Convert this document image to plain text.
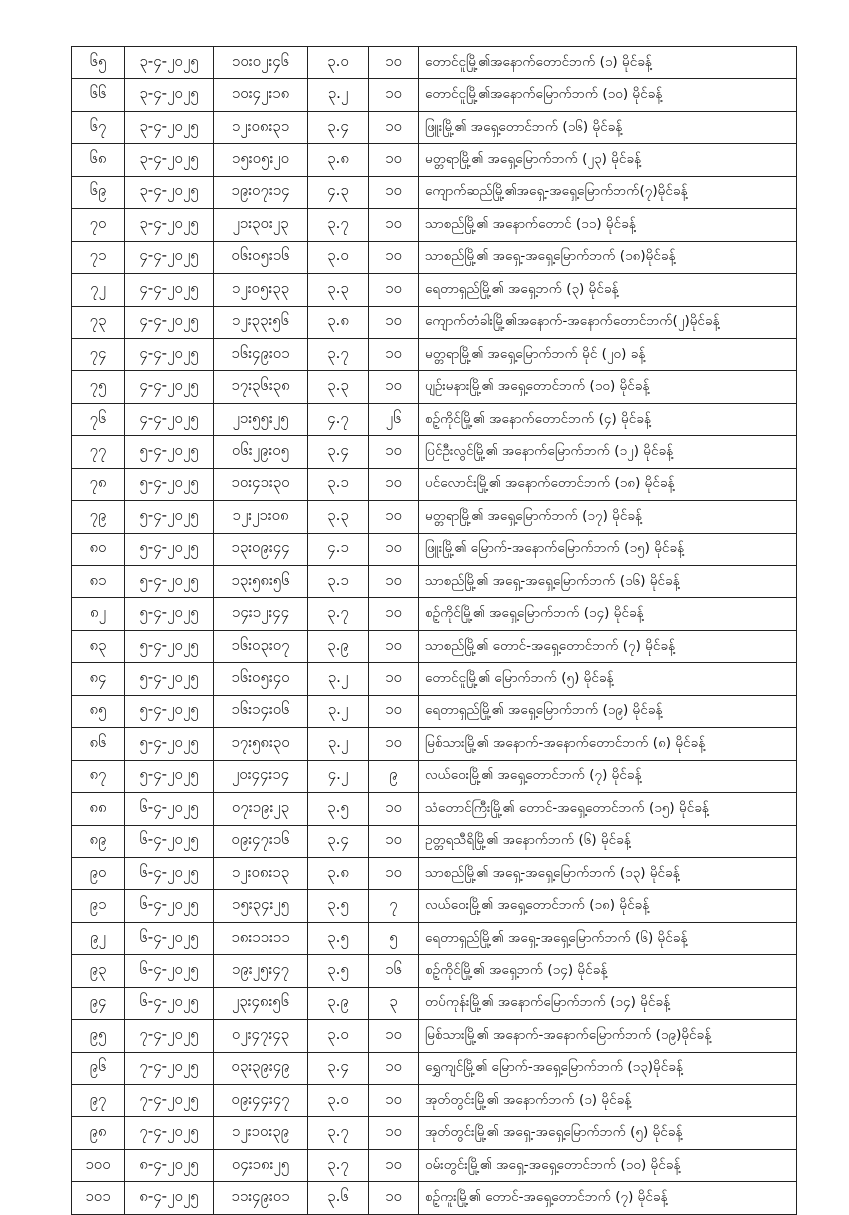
၆၅	၃-၄-၂၀၂၅	၁၀း၀၂း၄၆	၃.၀	၁၀	တောင်ငူမြို့၏အနောက်တောင်ဘက် (၁) မိုင်ခန့်
၆၆	၃-၄-၂၀၂၅	၁၀း၄၂း၁၈	၃.၂	၁၀	တောင်ငူမြို့၏အနောက်မြောက်ဘက် (၁၀) မိုင်ခန့်
၆၇	၃-၄-၂၀၂၅	၁၂း၀၈း၃၁	၃.၄	၁၀	ဖြူးမြို့၏ အရှေ့တောင်ဘက် (၁၆) မိုင်ခန့်
၆၈	၃-၄-၂၀၂၅	၁၅း၀၅း၂၀	၃.၈	၁၀	မတ္တရာမြို့၏ အရှေ့မြောက်ဘက် (၂၃) မိုင်ခန့်
၆၉	၃-၄-၂၀၂၅	၁၉း၀၇း၁၄	၄.၃	၁၀	ကျောက်ဆည်မြို့၏အရှေ့-အရှေ့မြောက်ဘက်(၇)မိုင်ခန့်
၇၀	၃-၄-၂၀၂၅	၂၁း၃၀း၂၃	၃.၇	၁၀	သာစည်မြို့၏ အနောက်တောင် (၁၁) မိုင်ခန့်
၇၁	၄-၄-၂၀၂၅	၀၆း၀၅း၁၆	၃.၀	၁၀	သာစည်မြို့၏ အရှေ့-အရှေ့မြောက်ဘက် (၁၈)မိုင်ခန့်
၇၂	၄-၄-၂၀၂၅	၁၂း၀၅း၃၃	၃.၃	၁၀	ရေတာရှည်မြို့၏ အရှေ့ဘက် (၃) မိုင်ခန့်
၇၃	၄-၄-၂၀၂၅	၁၂း၃၃း၅၆	၃.၈	၁၀	ကျောက်တံခါးမြို့၏အနောက်-အနောက်တောင်ဘက်(၂)မိုင်ခန့်
၇၄	၄-၄-၂၀၂၅	၁၆း၄၉း၀၁	၃.၇	၁၀	မတ္တရာမြို့၏ အရှေ့မြောက်ဘက် မိုင် (၂၀) ခန့်
၇၅	၄-၄-၂၀၂၅	၁၇း၃၆း၃၈	၃.၃	၁၀	ပျဉ်းမနားမြို့၏ အရှေ့တောင်ဘက် (၁၀) မိုင်ခန့်
၇၆	၄-၄-၂၀၂၅	၂၁း၅၅း၂၅	၄.၇	၂၆	စဉ့်ကိုင်မြို့၏ အနောက်တောင်ဘက် (၄) မိုင်ခန့်
၇၇	၅-၄-၂၀၂၅	၀၆း၂၉း၀၅	၃.၄	၁၀	ပြင်ဦးလွင်မြို့၏ အနောက်မြောက်ဘက် (၁၂) မိုင်ခန့်
၇၈	၅-၄-၂၀၂၅	၁၀း၄၁း၃၀	၃.၁	၁၀	ပင်လောင်းမြို့၏ အနောက်တောင်ဘက် (၁၈) မိုင်ခန့်
၇၉	၅-၄-၂၀၂၅	၁၂း၂၁း၀၈	၃.၃	၁၀	မတ္တရာမြို့၏ အရှေ့မြောက်ဘက် (၁၇) မိုင်ခန့်
၈၀	၅-၄-၂၀၂၅	၁၃း၀၉း၄၄	၄.၁	၁၀	ဖြူးမြို့၏ မြောက်-အနောက်မြောက်ဘက် (၁၅) မိုင်ခန့်
၈၁	၅-၄-၂၀၂၅	၁၃း၅၈း၅၆	၃.၁	၁၀	သာစည်မြို့၏ အရှေ့-အရှေ့မြောက်ဘက် (၁၆) မိုင်ခန့်
၈၂	၅-၄-၂၀၂၅	၁၄း၁၂း၄၄	၃.၇	၁၀	စဉ့်ကိုင်မြို့၏ အရှေ့မြောက်ဘက် (၁၄) မိုင်ခန့်
၈၃	၅-၄-၂၀၂၅	၁၆း၀၃း၀၇	၃.၉	၁၀	သာစည်မြို့၏ တောင်-အရှေ့တောင်ဘက် (၇) မိုင်ခန့်
၈၄	၅-၄-၂၀၂၅	၁၆း၀၅း၄၀	၃.၂	၁၀	တောင်ငူမြို့၏ မြောက်ဘက် (၅) မိုင်ခန့်
၈၅	၅-၄-၂၀၂၅	၁၆း၁၄း၀၆	၃.၂	၁၀	ရေတာရှည်မြို့၏ အရှေ့မြောက်ဘက် (၁၉) မိုင်ခန့်
၈၆	၅-၄-၂၀၂၅	၁၇း၅၈း၃၀	၃.၂	၁၀	မြစ်သားမြို့၏ အနောက်-အနောက်တောင်ဘက် (၈) မိုင်ခန့်
၈၇	၅-၄-၂၀၂၅	၂၀း၄၄း၁၄	၄.၂	၉	လယ်ဝေးမြို့၏ အရှေ့တောင်ဘက် (၇) မိုင်ခန့်
၈၈	၆-၄-၂၀၂၅	၀၇း၁၉း၂၃	၃.၅	၁၀	သံတောင်ကြီးမြို့၏ တောင်-အရှေ့တောင်ဘက် (၁၅) မိုင်ခန့်
၈၉	၆-၄-၂၀၂၅	၀၉း၄၇း၁၆	၃.၄	၁၀	ဥတ္တရသီရိမြို့၏ အနောက်ဘက် (၆) မိုင်ခန့်
၉၀	၆-၄-၂၀၂၅	၁၂း၀၈း၁၃	၃.၈	၁၀	သာစည်မြို့၏ အရှေ့-အရှေ့မြောက်ဘက် (၁၃) မိုင်ခန့်
၉၁	၆-၄-၂၀၂၅	၁၅း၃၄း၂၅	၃.၅	၇	လယ်ဝေးမြို့၏ အရှေ့တောင်ဘက် (၁၈) မိုင်ခန့်
၉၂	၆-၄-၂၀၂၅	၁၈း၁၁း၁၁	၃.၅	၅	ရေတာရှည်မြို့၏ အရှေ့-အရှေ့မြောက်ဘက် (၆) မိုင်ခန့်
၉၃	၆-၄-၂၀၂၅	၁၉း၂၅း၄၇	၃.၅	၁၆	စဉ့်ကိုင်မြို့၏ အရှေ့ဘက် (၁၄) မိုင်ခန့်
၉၄	၆-၄-၂၀၂၅	၂၃း၄၈း၅၆	၃.၉	၃	တပ်ကုန်းမြို့၏ အနောက်မြောက်ဘက် (၁၄) မိုင်ခန့်
၉၅	၇-၄-၂၀၂၅	၀၂း၄၇း၄၃	၃.၀	၁၀	မြစ်သားမြို့၏ အနောက်-အနောက်မြောက်ဘက် (၁၉)မိုင်ခန့်
၉၆	၇-၄-၂၀၂၅	၀၃း၃၉း၄၉	၃.၄	၁၀	ရွှေကျင်မြို့၏ မြောက်-အရှေ့မြောက်ဘက် (၁၃)မိုင်ခန့်
၉၇	၇-၄-၂၀၂၅	၀၉း၄၄း၄၇	၃.၀	၁၀	အုတ်တွင်းမြို့၏ အနောက်ဘက် (၁) မိုင်ခန့်
၉၈	၇-၄-၂၀၂၅	၁၂း၁၀း၃၉	၃.၇	၁၀	အုတ်တွင်းမြို့၏ အရှေ့-အရှေ့မြောက်ဘက် (၅) မိုင်ခန့်
၁၀၀	၈-၄-၂၀၂၅	၀၄း၁၈း၂၅	၃.၇	၁၀	ဝမ်းတွင်းမြို့၏ အရှေ့-အရှေ့တောင်ဘက် (၁၀) မိုင်ခန့်
၁၀၁	၈-၄-၂၀၂၅	၁၁း၄၉း၀၁	၃.၆	၁၀	စဉ့်ကူးမြို့၏ တောင်-အရှေ့တောင်ဘက် (၇) မိုင်ခန့်
